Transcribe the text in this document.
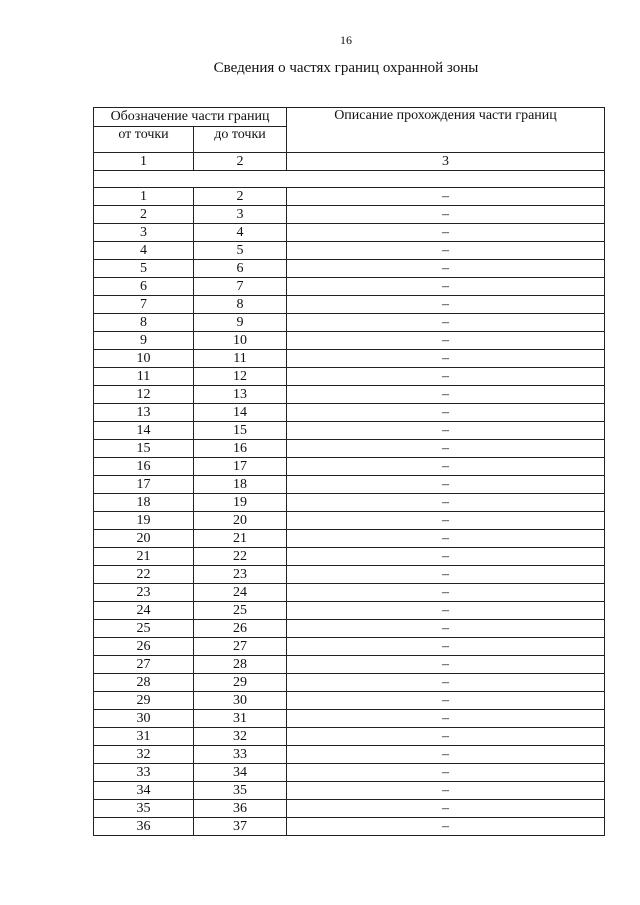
16
Сведения о частях границ охранной зоны
Обозначение части границ		Описание прохождения части границ
от точки	до точки	
1	2	3

1	2	–
2	3	–
3	4	–
4	5	–
5	6	–
6	7	–
7	8	–
8	9	–
9	10	–
10	11	–
11	12	–
12	13	–
13	14	–
14	15	–
15	16	–
16	17	–
17	18	–
18	19	–
19	20	–
20	21	–
21	22	–
22	23	–
23	24	–
24	25	–
25	26	–
26	27	–
27	28	–
28	29	–
29	30	–
30	31	–
31	32	–
32	33	–
33	34	–
34	35	–
35	36	–
36	37	–
